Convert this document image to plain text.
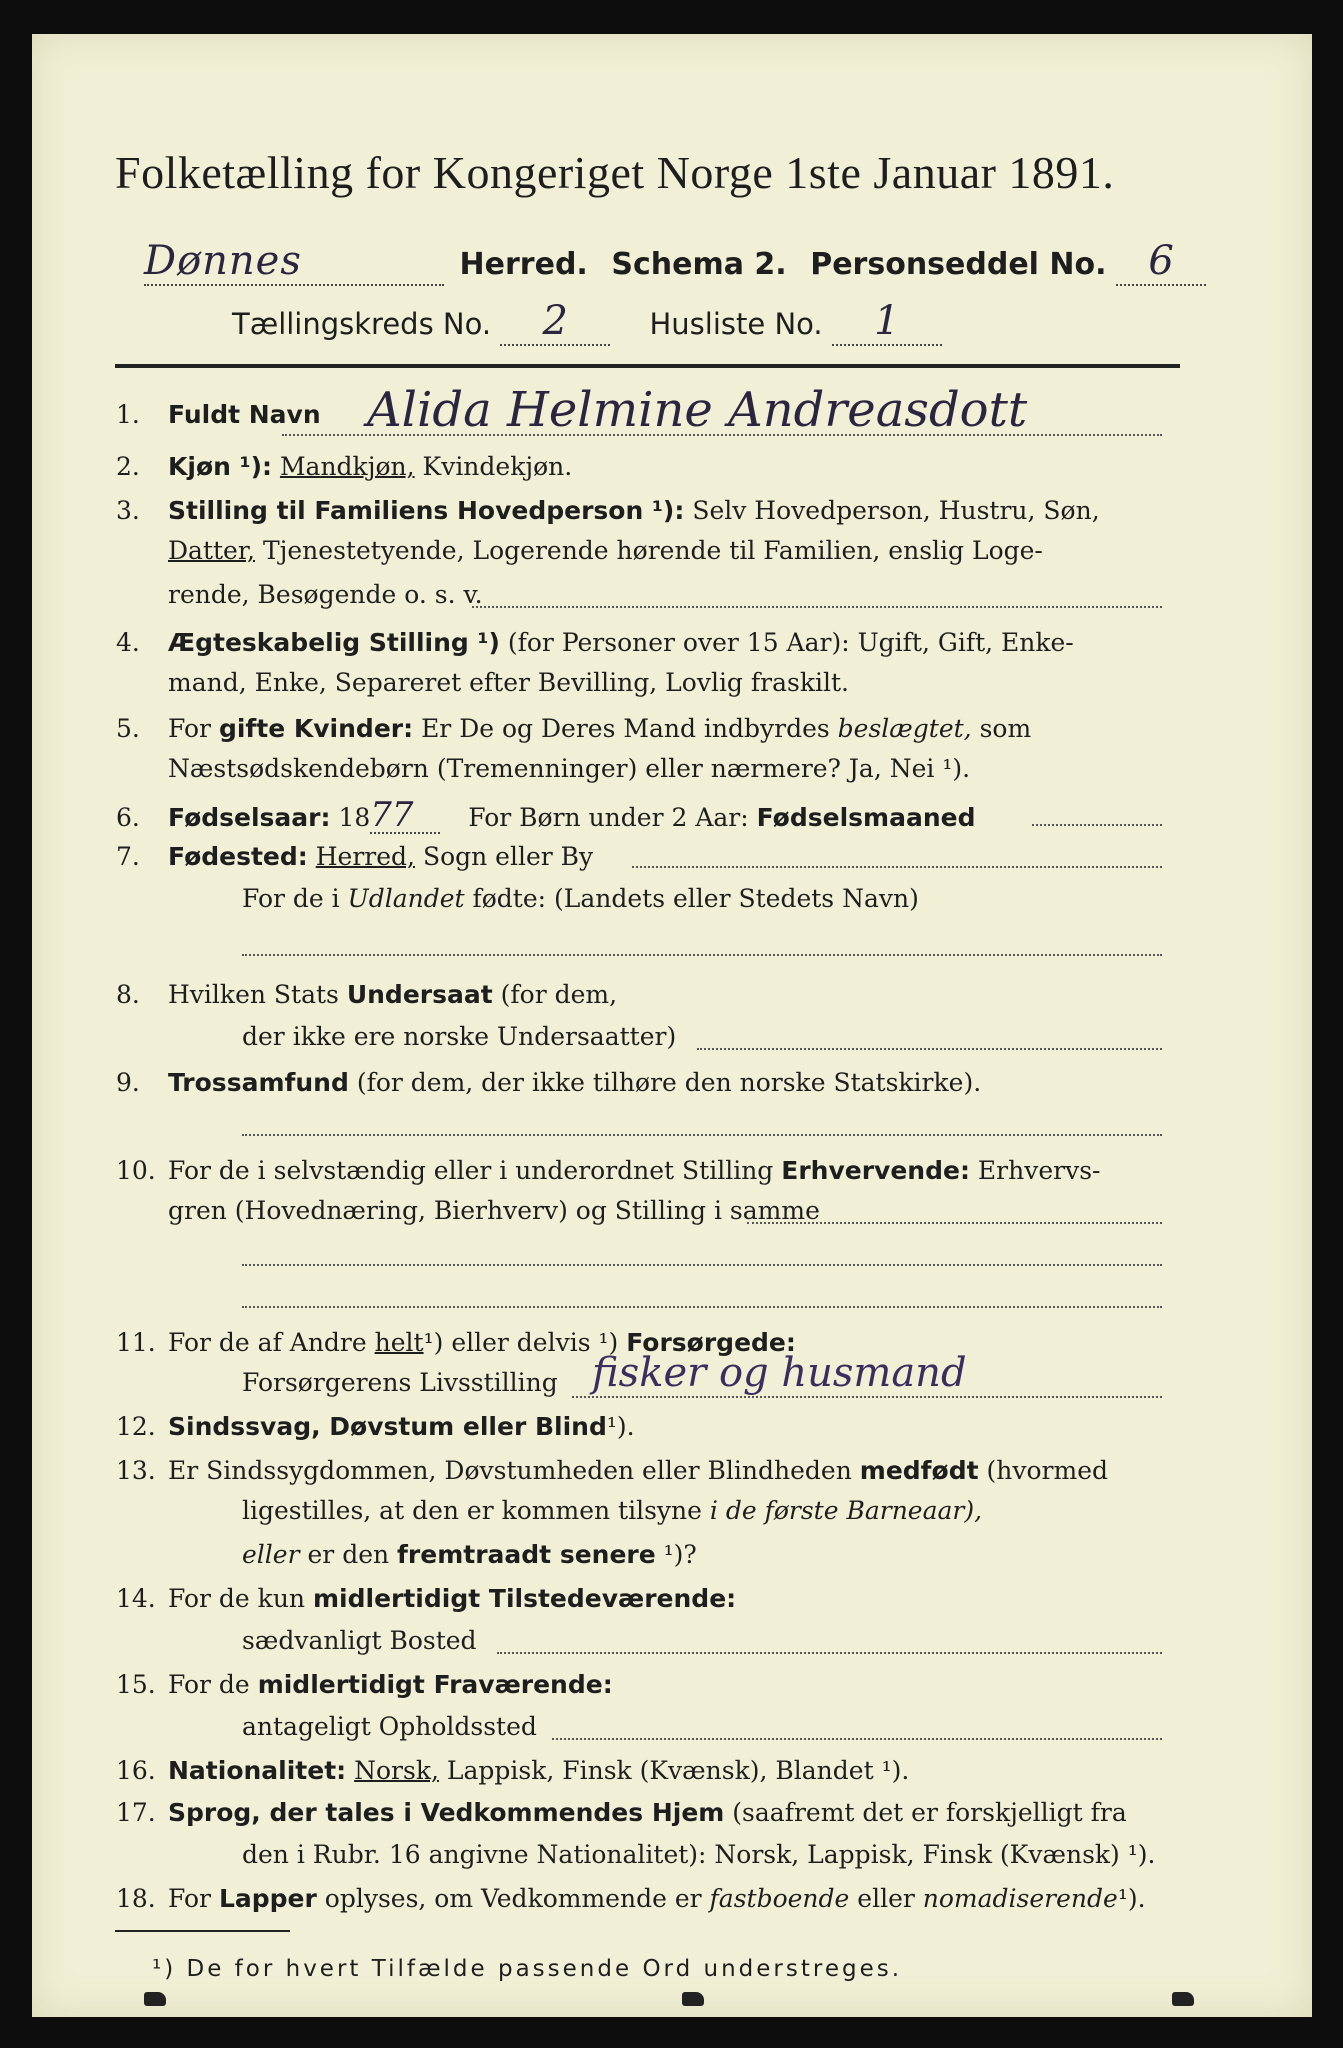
Folketælling for Kongeriget Norge 1ste Januar 1891.
Dønnes	Herred. Schema 2. Personseddel No. 6
Tællingskreds No. 2	Husliste No. 1
1. Fuldt Navn Alida Helmine Andreasdott
2. Kjøn ¹): Mandkjøn, Kvindekjøn.
3. Stilling til Familiens Hovedperson ¹): Selv Hovedperson, Hustru, Søn,
Datter, Tjenestetyende, Logerende hørende til Familien, enslig Loge-
rende, Besøgende o. s. v.
4. Ægteskabelig Stilling ¹) (for Personer over 15 Aar): Ugift, Gift, Enke-
mand, Enke, Separeret efter Bevilling, Lovlig fraskilt.
5. For gifte Kvinder: Er De og Deres Mand indbyrdes beslægtet, som
Næstsødskendebørn (Tremenninger) eller nærmere? Ja, Nei ¹).
6. Fødselsaar: 1877 For Børn under 2 Aar: Fødselsmaaned
7. Fødested: Herred, Sogn eller By
For de i Udlandet fødte: (Landets eller Stedets Navn)
8. Hvilken Stats Undersaat (for dem,
der ikke ere norske Undersaatter)
9. Trossamfund (for dem, der ikke tilhøre den norske Statskirke).
10. For de i selvstændig eller i underordnet Stilling Erhvervende: Erhvervs-
gren (Hovednæring, Bierhverv) og Stilling i samme
11. For de af Andre helt¹) eller delvis ¹) Forsørgede:
Forsørgerens Livsstilling fisker og husmand
12. Sindssvag, Døvstum eller Blind¹).
13. Er Sindssygdommen, Døvstumheden eller Blindheden medfødt (hvormed
ligestilles, at den er kommen tilsyne i de første Barneaar),
eller er den fremtraadt senere ¹)?
14. For de kun midlertidigt Tilstedeværende:
sædvanligt Bosted
15. For de midlertidigt Fraværende:
antageligt Opholdssted
16. Nationalitet: Norsk, Lappisk, Finsk (Kvænsk), Blandet ¹).
17. Sprog, der tales i Vedkommendes Hjem (saafremt det er forskjelligt fra
den i Rubr. 16 angivne Nationalitet): Norsk, Lappisk, Finsk (Kvænsk) ¹).
18. For Lapper oplyses, om Vedkommende er fastboende eller nomadiserende¹).
¹) De for hvert Tilfælde passende Ord understreges.
